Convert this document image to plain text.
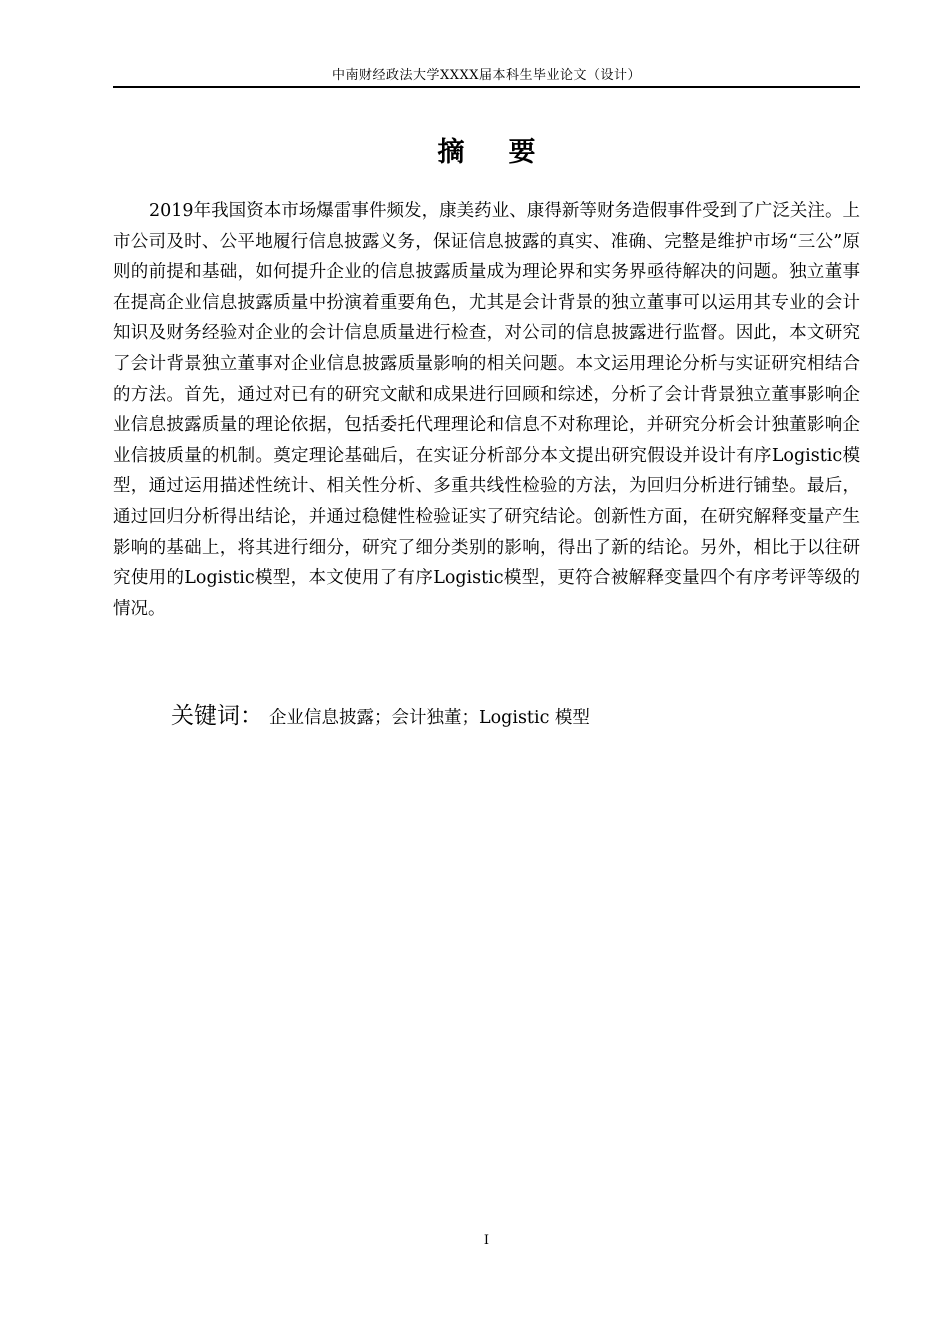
中南财经政法大学XXXX届本科生毕业论文（设计）
摘 要

2019年我国资本市场爆雷事件频发，康美药业、康得新等财务造假事件受到了广泛关注。上市公司及时、公平地履行信息披露义务，保证信息披露的真实、准确、完整是维护市场“三公”原则的前提和基础，如何提升企业的信息披露质量成为理论界和实务界亟待解决的问题。独立董事在提高企业信息披露质量中扮演着重要角色，尤其是会计背景的独立董事可以运用其专业的会计知识及财务经验对企业的会计信息质量进行检查，对公司的信息披露进行监督。因此，本文研究了会计背景独立董事对企业信息披露质量影响的相关问题。本文运用理论分析与实证研究相结合的方法。首先，通过对已有的研究文献和成果进行回顾和综述，分析了会计背景独立董事影响企业信息披露质量的理论依据，包括委托代理理论和信息不对称理论，并研究分析会计独董影响企业信披质量的机制。奠定理论基础后，在实证分析部分本文提出研究假设并设计有序Logistic模型，通过运用描述性统计、相关性分析、多重共线性检验的方法，为回归分析进行铺垫。最后，通过回归分析得出结论，并通过稳健性检验证实了研究结论。创新性方面，在研究解释变量产生影响的基础上，将其进行细分，研究了细分类别的影响，得出了新的结论。另外，相比于以往研究使用的Logistic模型，本文使用了有序Logistic模型，更符合被解释变量四个有序考评等级的情况。

关键词： 企业信息披露；会计独董；Logistic 模型
I
